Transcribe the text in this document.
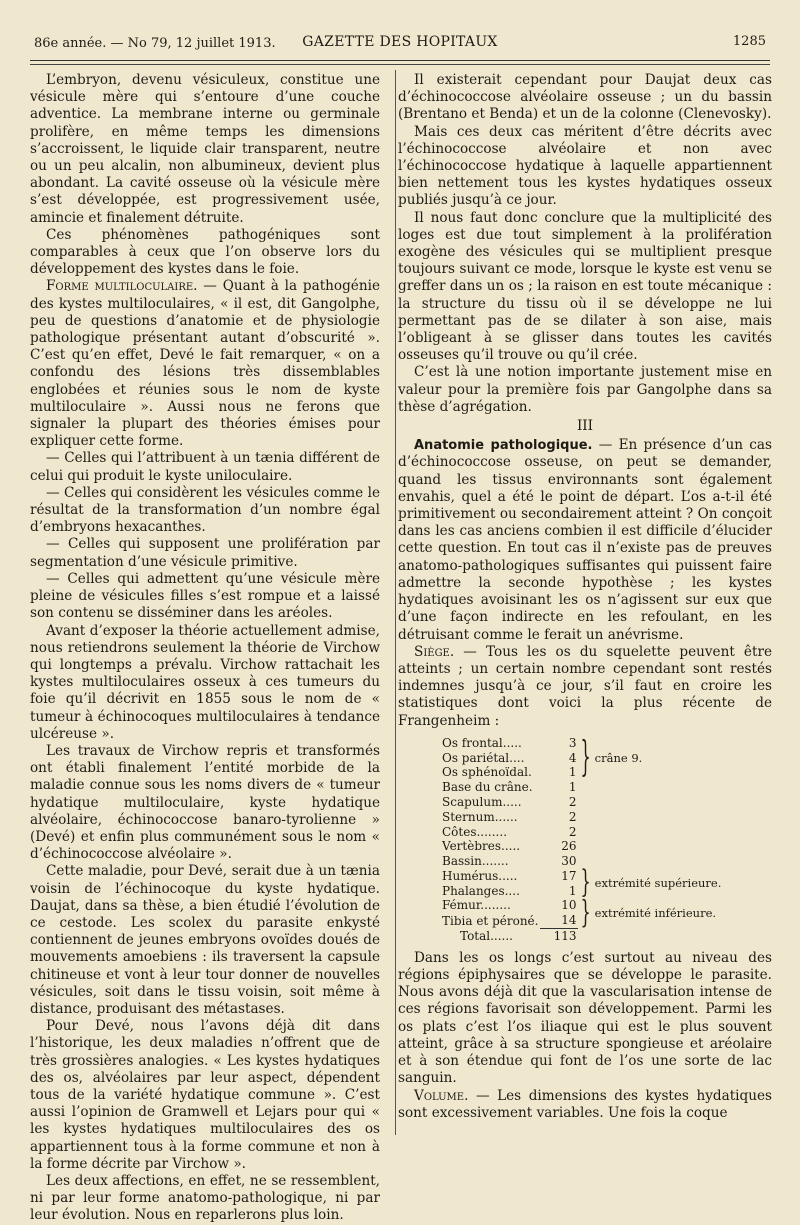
86e année. — No 79, 12 juillet 1913.	GAZETTE DES HOPITAUX	1285

L’embryon, devenu vésiculeux, constitue une vésicule mère qui s’entoure d’une couche adventice. La membrane interne ou germinale prolifère, en même temps les dimensions s’accroissent, le liquide clair transparent, neutre ou un peu alcalin, non albumineux, devient plus abondant. La cavité osseuse où la vésicule mère s’est développée, est progressivement usée, amincie et finalement détruite.

Ces phénomènes pathogéniques sont comparables à ceux que l’on observe lors du développement des kystes dans le foie.

Forme multiloculaire. — Quant à la pathogénie des kystes multiloculaires, « il est, dit Gangolphe, peu de questions d’anatomie et de physiologie pathologique présentant autant d’obscurité ». C’est qu’en effet, Devé le fait remarquer, « on a confondu des lésions très dissemblables englobées et réunies sous le nom de kyste multiloculaire ». Aussi nous ne ferons que signaler la plupart des théories émises pour expliquer cette forme.

— Celles qui l’attribuent à un tænia différent de celui qui produit le kyste uniloculaire.

— Celles qui considèrent les vésicules comme le résultat de la transformation d’un nombre égal d’embryons hexacanthes.

— Celles qui supposent une prolifération par segmentation d’une vésicule primitive.

— Celles qui admettent qu’une vésicule mère pleine de vésicules filles s’est rompue et a laissé son contenu se disséminer dans les aréoles.

Avant d’exposer la théorie actuellement admise, nous retiendrons seulement la théorie de Virchow qui longtemps a prévalu. Virchow rattachait les kystes multiloculaires osseux à ces tumeurs du foie qu’il décrivit en 1855 sous le nom de « tumeur à échinocoques multiloculaires à tendance ulcéreuse ».

Les travaux de Virchow repris et transformés ont établi finalement l’entité morbide de la maladie connue sous les noms divers de « tumeur hydatique multiloculaire, kyste hydatique alvéolaire, échinococcose banaro-tyrolienne » (Devé) et enfin plus communément sous le nom « d’échinococcose alvéolaire ».

Cette maladie, pour Devé, serait due à un tænia voisin de l’échinocoque du kyste hydatique. Daujat, dans sa thèse, a bien étudié l’évolution de ce cestode. Les scolex du parasite enkysté contiennent de jeunes embryons ovoïdes doués de mouvements amoebiens : ils traversent la capsule chitineuse et vont à leur tour donner de nouvelles vésicules, soit dans le tissu voisin, soit même à distance, produisant des métastases.

Pour Devé, nous l’avons déjà dit dans l’historique, les deux maladies n’offrent que de très grossières analogies. « Les kystes hydatiques des os, alvéolaires par leur aspect, dépendent tous de la variété hydatique commune ». C’est aussi l’opinion de Gramwell et Lejars pour qui « les kystes hydatiques multiloculaires des os appartiennent tous à la forme commune et non à la forme décrite par Virchow ».

Les deux affections, en effet, ne se ressemblent, ni par leur forme anatomo-pathologique, ni par leur évolution. Nous en reparlerons plus loin.

Il existerait cependant pour Daujat deux cas d’échinococcose alvéolaire osseuse ; un du bassin (Brentano et Benda) et un de la colonne (Clenevosky).

Mais ces deux cas méritent d’être décrits avec l’échinococcose alvéolaire et non avec l’échinococcose hydatique à laquelle appartiennent bien nettement tous les kystes hydatiques osseux publiés jusqu’à ce jour.

Il nous faut donc conclure que la multiplicité des loges est due tout simplement à la prolifération exogène des vésicules qui se multiplient presque toujours suivant ce mode, lorsque le kyste est venu se greffer dans un os ; la raison en est toute mécanique : la structure du tissu où il se développe ne lui permettant pas de se dilater à son aise, mais l’obligeant à se glisser dans toutes les cavités osseuses qu’il trouve ou qu’il crée.

C’est là une notion importante justement mise en valeur pour la première fois par Gangolphe dans sa thèse d’agrégation.

III

Anatomie pathologique. — En présence d’un cas d’échinococcose osseuse, on peut se demander, quand les tissus environnants sont également envahis, quel a été le point de départ. L’os a-t-il été primitivement ou secondairement atteint ? On conçoit dans les cas anciens combien il est difficile d’élucider cette question. En tout cas il n’existe pas de preuves anatomo-pathologiques suffisantes qui puissent faire admettre la seconde hypothèse ; les kystes hydatiques avoisinant les os n’agissent sur eux que d’une façon indirecte en les refoulant, en les détruisant comme le ferait un anévrisme.

Siège. — Tous les os du squelette peuvent être atteints ; un certain nombre cependant sont restés indemnes jusqu’à ce jour, s’il faut en croire les statistiques dont voici la plus récente de Frangenheim :

Os frontal.....	3	}	crâne 9.
Os pariétal....	4		
Os sphénoïdal.	1		
Base du crâne.	1		
Scapulum.....	2		
Sternum......	2		
Côtes........	2		
Vertèbres.....	26		
Bassin.......	30		
Humérus.....	17	}	extrémité supérieure.
Phalanges....	1		
Fémur........	10	}	extrémité inférieure.
Tibia et péroné.	14		
Total......	113		

Dans les os longs c’est surtout au niveau des régions épiphysaires que se développe le parasite. Nous avons déjà dit que la vascularisation intense de ces régions favorisait son développement. Parmi les os plats c’est l’os iliaque qui est le plus souvent atteint, grâce à sa structure spongieuse et aréolaire et à son étendue qui font de l’os une sorte de lac sanguin.

Volume. — Les dimensions des kystes hydatiques sont excessivement variables. Une fois la coque
